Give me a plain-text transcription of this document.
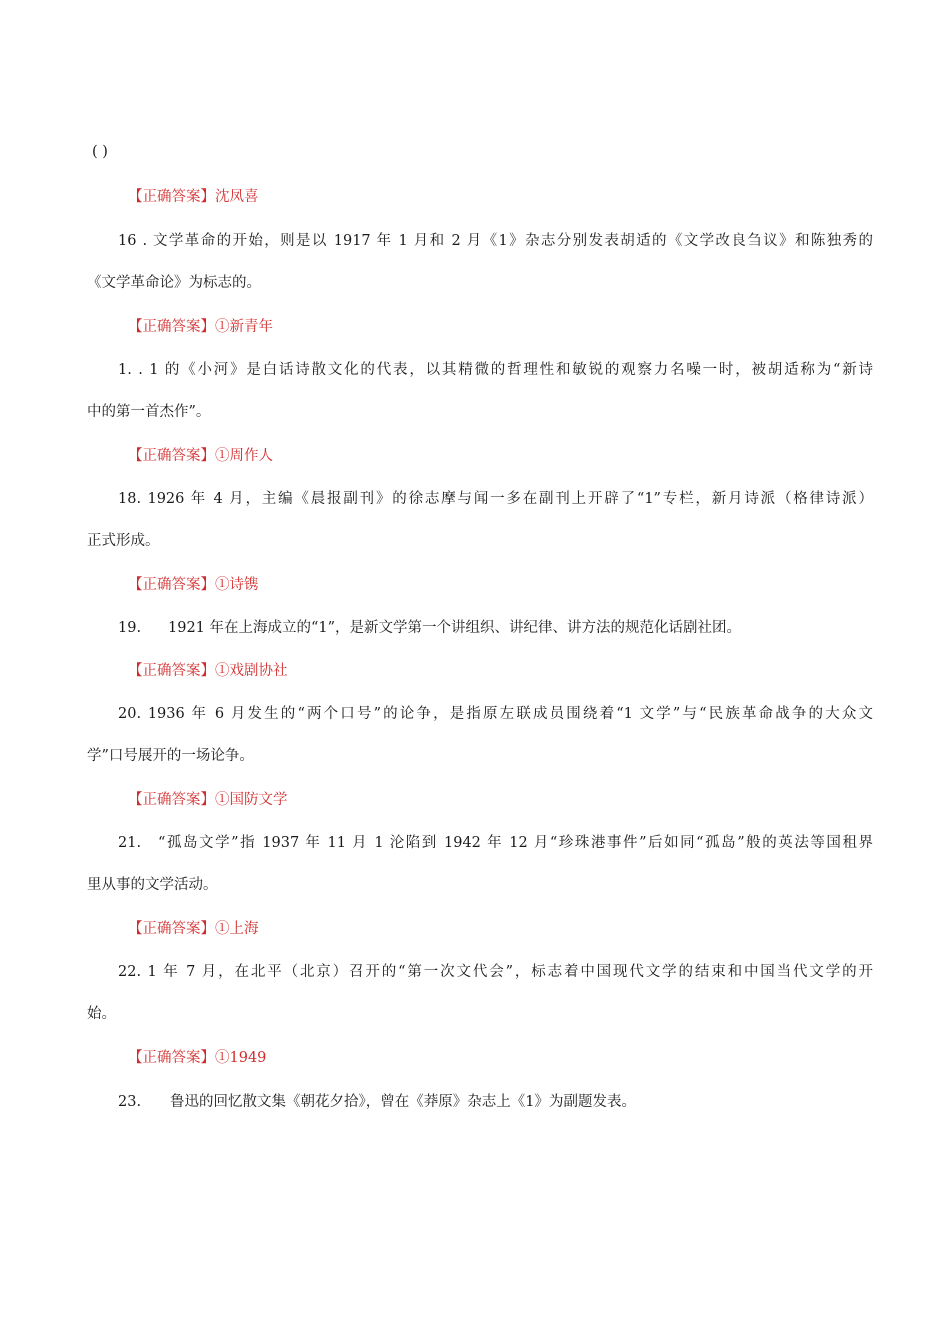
( )
【正确答案】沈凤喜
16 . 文学革命的开始，则是以 1917 年 1 月和 2 月《1》杂志分别发表胡适的《文学改良刍议》和陈独秀的
《文学革命论》为标志的。
【正确答案】①新青年
1. . 1 的《小河》是白话诗散文化的代表，以其精微的哲理性和敏锐的观察力名噪一时，被胡适称为“新诗
中的第一首杰作”。
【正确答案】①周作人
18. 1926 年 4 月，主编《晨报副刊》的徐志摩与闻一多在副刊上开辟了“1”专栏，新月诗派（格律诗派）
正式形成。
【正确答案】①诗镌
19. 1921 年在上海成立的“1”，是新文学第一个讲组织、讲纪律、讲方法的规范化话剧社团。
【正确答案】①戏剧协社
20. 1936 年 6 月发生的“两个口号”的论争，是指原左联成员围绕着“1 文学”与“民族革命战争的大众文
学”口号展开的一场论争。
【正确答案】①国防文学
21. “孤岛文学”指 1937 年 11 月 1 沦陷到 1942 年 12 月“珍珠港事件”后如同“孤岛”般的英法等国租界
里从事的文学活动。
【正确答案】①上海
22. 1 年 7 月，在北平（北京）召开的“第一次文代会”，标志着中国现代文学的结束和中国当代文学的开
始。
【正确答案】①1949
23. 鲁迅的回忆散文集《朝花夕拾》，曾在《莽原》杂志上《1》为副题发表。
